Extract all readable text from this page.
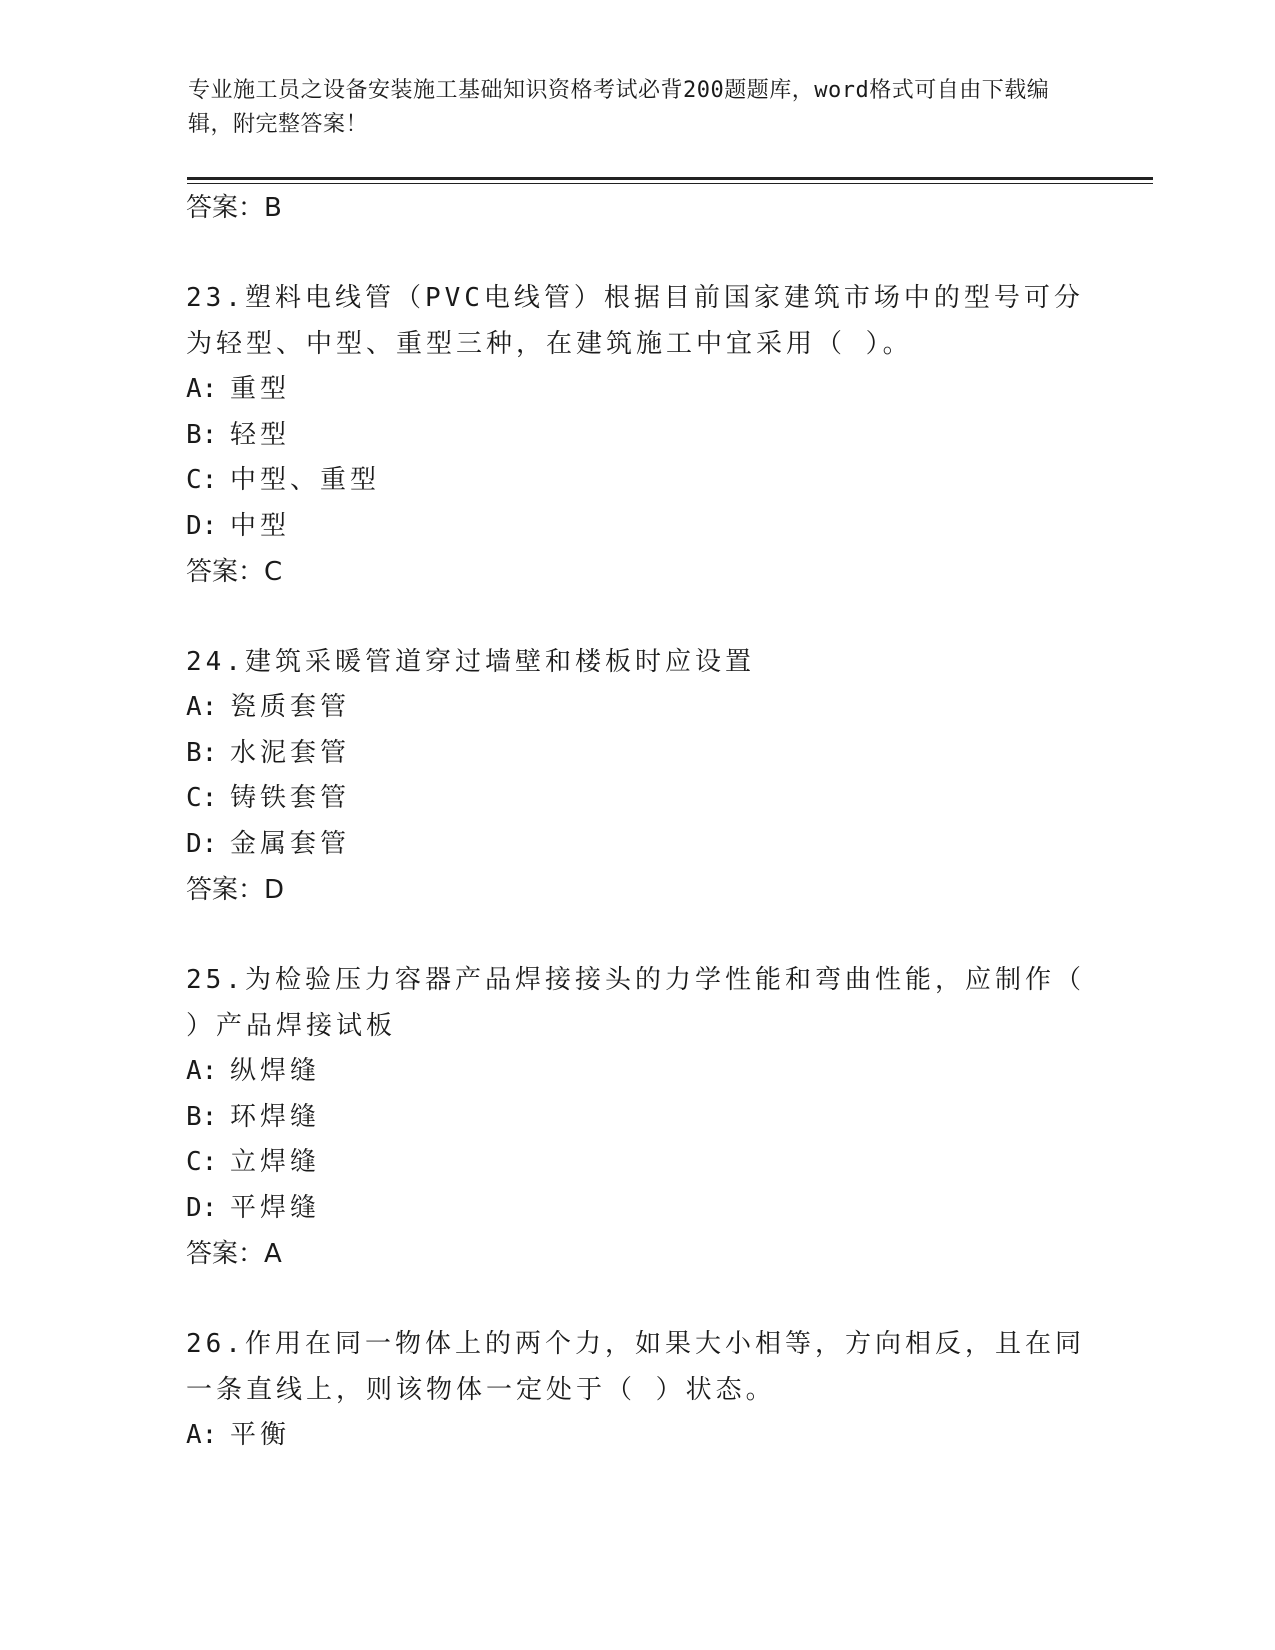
专业施工员之设备安装施工基础知识资格考试必背200题题库，word格式可自由下载编辑，附完整答案！

答案：B

23.塑料电线管（PVC电线管）根据目前国家建筑市场中的型号可分为轻型、中型、重型三种，在建筑施工中宜采用（ ）。

A: 重型
B: 轻型
C: 中型、重型
D: 中型

答案：C

24.建筑采暖管道穿过墙壁和楼板时应设置

A: 瓷质套管
B: 水泥套管
C: 铸铁套管
D: 金属套管

答案：D

25.为检验压力容器产品焊接接头的力学性能和弯曲性能，应制作（ ）产品焊接试板

A: 纵焊缝
B: 环焊缝
C: 立焊缝
D: 平焊缝

答案：A

26.作用在同一物体上的两个力，如果大小相等，方向相反，且在同一条直线上，则该物体一定处于（ ）状态。

A: 平衡
